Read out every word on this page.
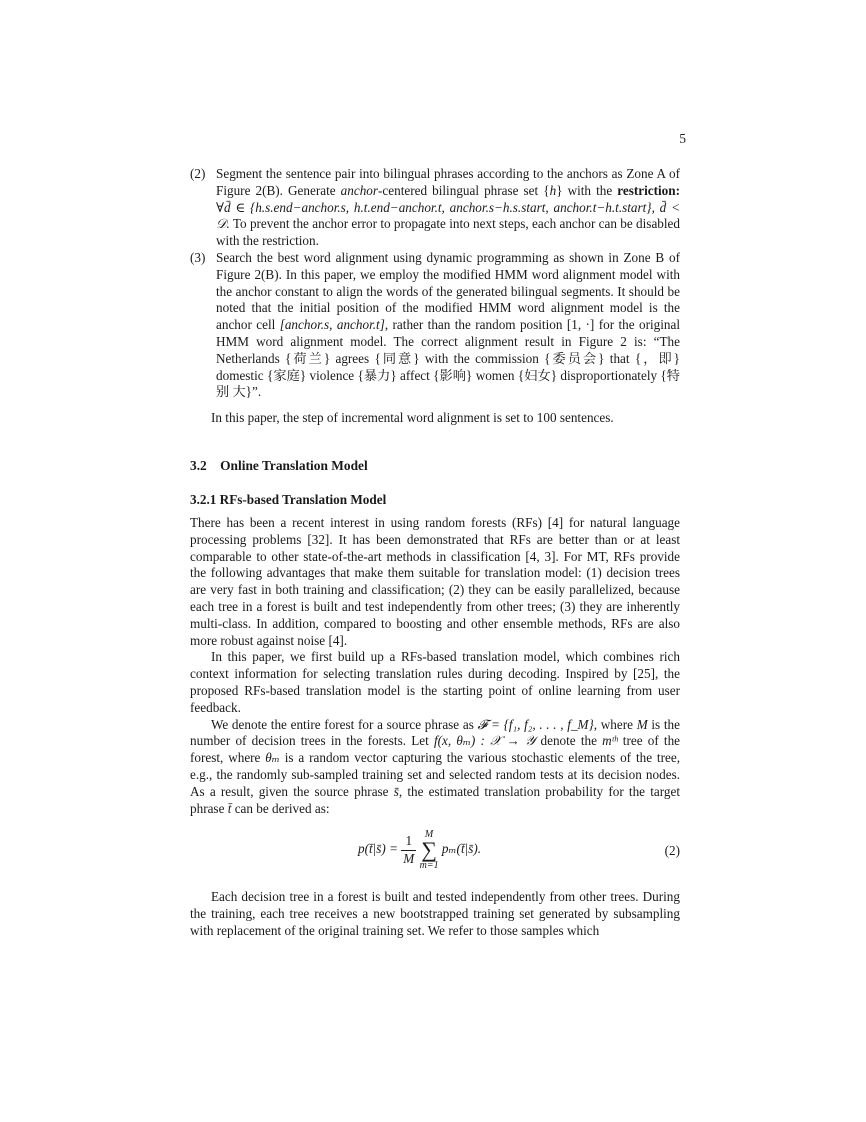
5
(2) Segment the sentence pair into bilingual phrases according to the anchors as Zone A of Figure 2(B). Generate anchor-centered bilingual phrase set {h} with the restriction: ∀d̄ ∈ {h.s.end−anchor.s, h.t.end−anchor.t, anchor.s−h.s.start, anchor.t−h.t.start}, d̄ < 𝒟. To prevent the anchor error to propagate into next steps, each anchor can be disabled with the restriction.
(3) Search the best word alignment using dynamic programming as shown in Zone B of Figure 2(B). In this paper, we employ the modified HMM word alignment model with the anchor constant to align the words of the generated bilingual segments. It should be noted that the initial position of the modified HMM word alignment model is the anchor cell [anchor.s, anchor.t], rather than the random position [1, ·] for the original HMM word alignment model. The correct alignment result in Figure 2 is: “The Netherlands {荷兰} agrees {同意} with the commission {委员会} that {，即} domestic {家庭} violence {暴力} affect {影响} women {妇女} disproportionately {特别 大}”.
In this paper, the step of incremental word alignment is set to 100 sentences.
3.2 Online Translation Model
3.2.1 RFs-based Translation Model
There has been a recent interest in using random forests (RFs) [4] for natural language processing problems [32]. It has been demonstrated that RFs are better than or at least comparable to other state-of-the-art methods in classification [4, 3]. For MT, RFs provide the following advantages that make them suitable for translation model: (1) decision trees are very fast in both training and classification; (2) they can be easily parallelized, because each tree in a forest is built and test independently from other trees; (3) they are inherently multi-class. In addition, compared to boosting and other ensemble methods, RFs are also more robust against noise [4].
In this paper, we first build up a RFs-based translation model, which combines rich context information for selecting translation rules during decoding. Inspired by [25], the proposed RFs-based translation model is the starting point of online learning from user feedback.
We denote the entire forest for a source phrase as 𝓕 = {f₁, f₂, . . . , f_M}, where M is the number of decision trees in the forests. Let f(x, θₘ) : 𝒳 → 𝒴 denote the mᵗʰ tree of the forest, where θₘ is a random vector capturing the various stochastic elements of the tree, e.g., the randomly sub-sampled training set and selected random tests at its decision nodes. As a result, given the source phrase s̄, the estimated translation probability for the target phrase t̄ can be derived as:
p(t̄|s̄) = $\frac{1}{M}$
M
∑
m=1
pₘ(t̄|s̄).	(2)
Each decision tree in a forest is built and tested independently from other trees. During the training, each tree receives a new bootstrapped training set generated by subsampling with replacement of the original training set. We refer to those samples which
